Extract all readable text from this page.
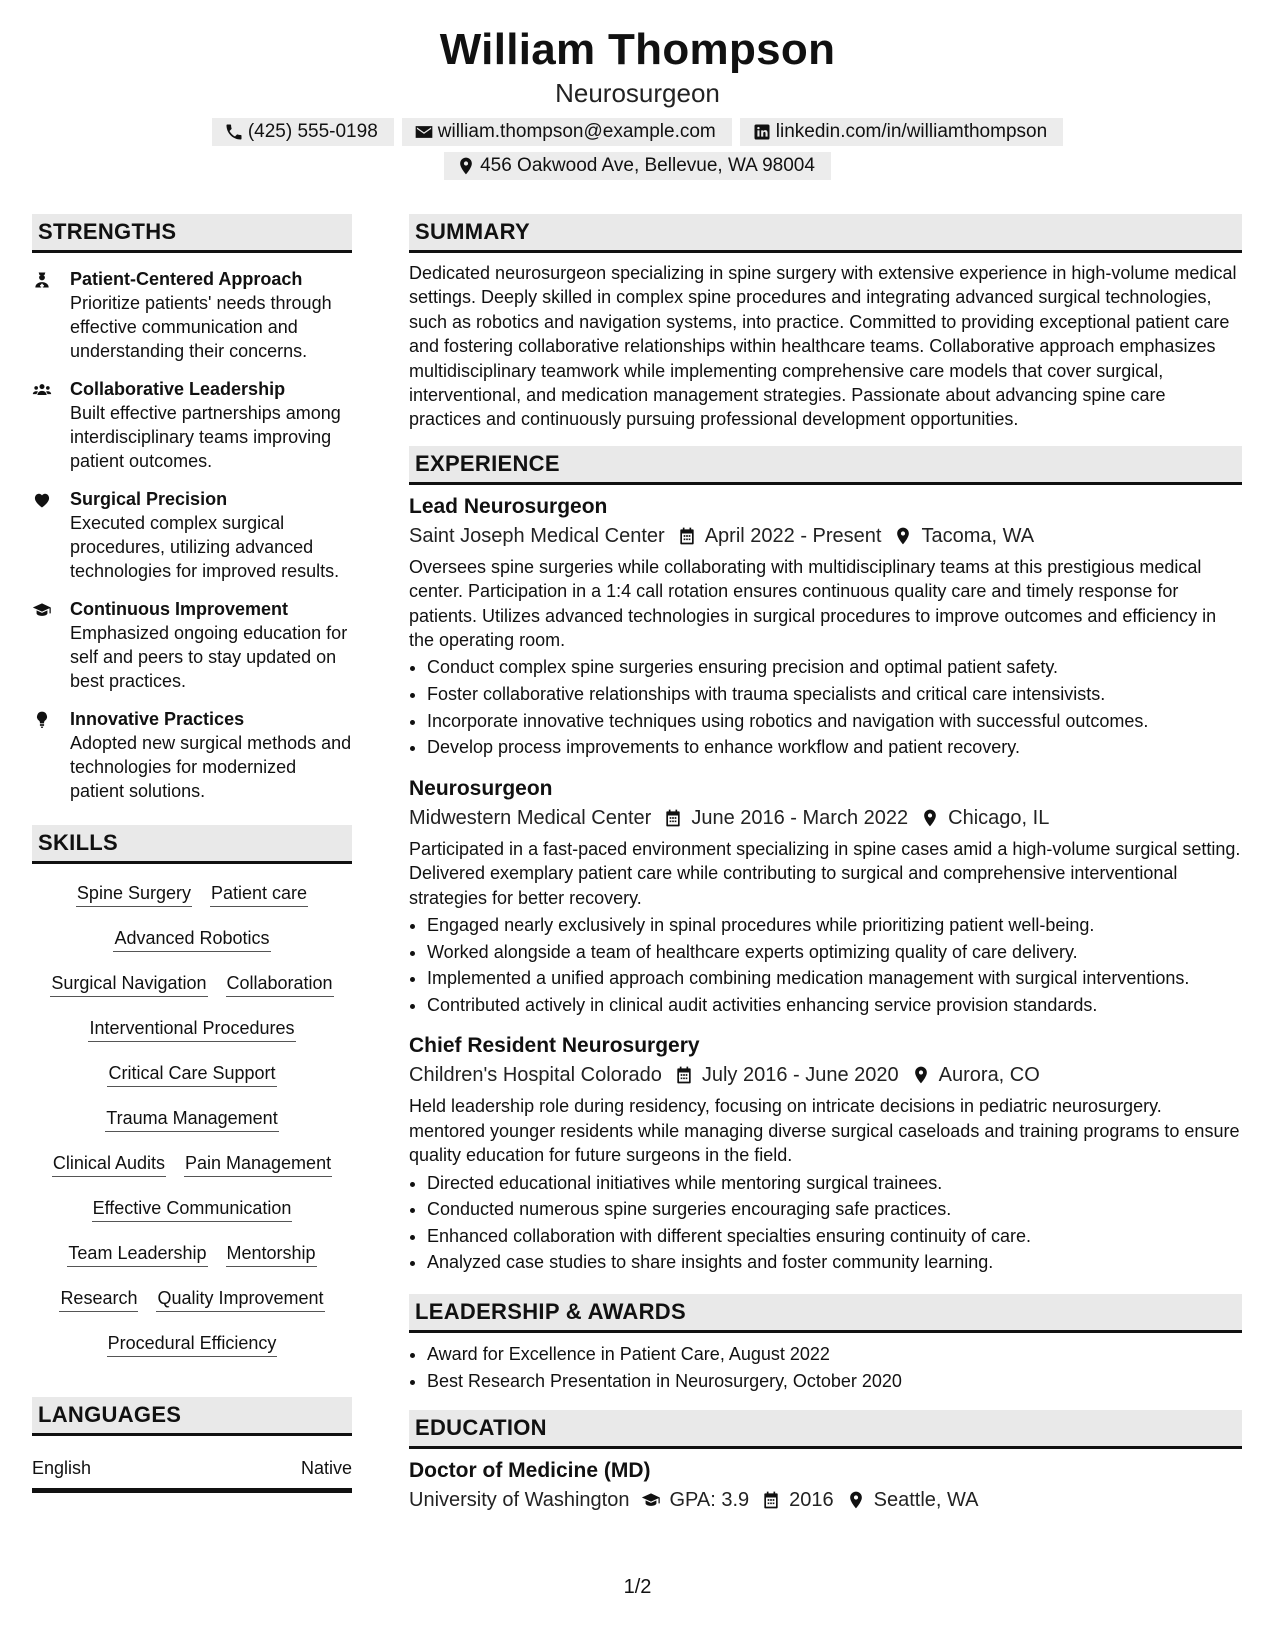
William Thompson
Neurosurgeon
(425) 555-0198	william.thompson@example.com	linkedin.com/in/williamthompson
456 Oakwood Ave, Bellevue, WA 98004
STRENGTHS
Patient-Centered Approach
Prioritize patients' needs through effective communication and understanding their concerns.
Collaborative Leadership
Built effective partnerships among interdisciplinary teams improving patient outcomes.
Surgical Precision
Executed complex surgical procedures, utilizing advanced technologies for improved results.
Continuous Improvement
Emphasized ongoing education for self and peers to stay updated on best practices.
Innovative Practices
Adopted new surgical methods and technologies for modernized patient solutions.
SKILLS
Spine Surgery Patient care
Advanced Robotics
Surgical Navigation Collaboration
Interventional Procedures
Critical Care Support
Trauma Management
Clinical Audits Pain Management
Effective Communication
Team Leadership Mentorship
Research Quality Improvement
Procedural Efficiency
LANGUAGES
English	Native
SUMMARY
Dedicated neurosurgeon specializing in spine surgery with extensive experience in high-volume medical settings. Deeply skilled in complex spine procedures and integrating advanced surgical technologies, such as robotics and navigation systems, into practice. Committed to providing exceptional patient care and fostering collaborative relationships within healthcare teams. Collaborative approach emphasizes multidisciplinary teamwork while implementing comprehensive care models that cover surgical, interventional, and medication management strategies. Passionate about advancing spine care practices and continuously pursuing professional development opportunities.
EXPERIENCE
Lead Neurosurgeon
Saint Joseph Medical Center April 2022 - Present Tacoma, WA
Oversees spine surgeries while collaborating with multidisciplinary teams at this prestigious medical center. Participation in a 1:4 call rotation ensures continuous quality care and timely response for patients. Utilizes advanced technologies in surgical procedures to improve outcomes and efficiency in the operating room.
• Conduct complex spine surgeries ensuring precision and optimal patient safety.
• Foster collaborative relationships with trauma specialists and critical care intensivists.
• Incorporate innovative techniques using robotics and navigation with successful outcomes.
• Develop process improvements to enhance workflow and patient recovery.
Neurosurgeon
Midwestern Medical Center June 2016 - March 2022 Chicago, IL
Participated in a fast-paced environment specializing in spine cases amid a high-volume surgical setting. Delivered exemplary patient care while contributing to surgical and comprehensive interventional strategies for better recovery.
• Engaged nearly exclusively in spinal procedures while prioritizing patient well-being.
• Worked alongside a team of healthcare experts optimizing quality of care delivery.
• Implemented a unified approach combining medication management with surgical interventions.
• Contributed actively in clinical audit activities enhancing service provision standards.
Chief Resident Neurosurgery
Children's Hospital Colorado July 2016 - June 2020 Aurora, CO
Held leadership role during residency, focusing on intricate decisions in pediatric neurosurgery. mentored younger residents while managing diverse surgical caseloads and training programs to ensure quality education for future surgeons in the field.
• Directed educational initiatives while mentoring surgical trainees.
• Conducted numerous spine surgeries encouraging safe practices.
• Enhanced collaboration with different specialties ensuring continuity of care.
• Analyzed case studies to share insights and foster community learning.
LEADERSHIP & AWARDS
• Award for Excellence in Patient Care, August 2022
• Best Research Presentation in Neurosurgery, October 2020
EDUCATION
Doctor of Medicine (MD)
University of Washington GPA: 3.9 2016 Seattle, WA
1/2
